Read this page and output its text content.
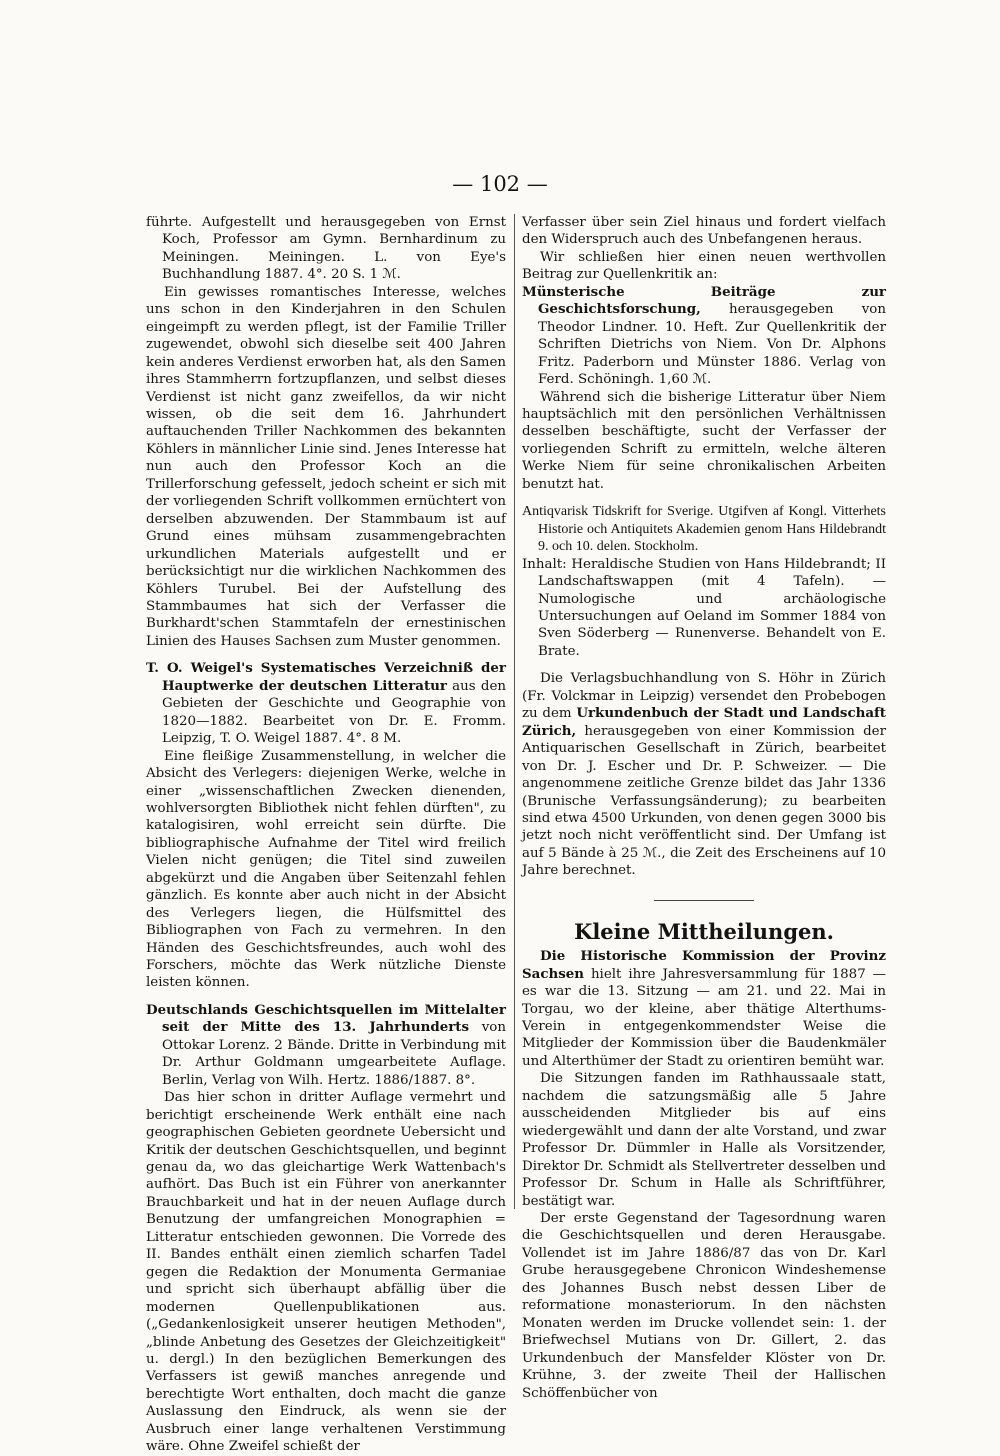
— 102 —

führte. Aufgestellt und herausgegeben von Ernst Koch, Professor am Gymn. Bernhardinum zu Meiningen. Meiningen. L. von Eye's Buchhandlung 1887. 4°. 20 S. 1 ℳ.

Ein gewisses romantisches Interesse, welches uns schon in den Kinderjahren in den Schulen eingeimpft zu werden pflegt, ist der Familie Triller zugewendet, obwohl sich dieselbe seit 400 Jahren kein anderes Verdienst erworben hat, als den Samen ihres Stammherrn fortzupflanzen, und selbst dieses Verdienst ist nicht ganz zweifellos, da wir nicht wissen, ob die seit dem 16. Jahrhundert auftauchenden Triller Nachkommen des bekannten Köhlers in männlicher Linie sind. Jenes Interesse hat nun auch den Professor Koch an die Trillerforschung gefesselt, jedoch scheint er sich mit der vorliegenden Schrift vollkommen ernüchtert von derselben abzuwenden. Der Stammbaum ist auf Grund eines mühsam zusammengebrachten urkundlichen Materials aufgestellt und er berücksichtigt nur die wirklichen Nachkommen des Köhlers Turubel. Bei der Aufstellung des Stammbaumes hat sich der Verfasser die Burkhardt'schen Stammtafeln der ernestinischen Linien des Hauses Sachsen zum Muster genommen.

T. O. Weigel's Systematisches Verzeichniß der Hauptwerke der deutschen Litteratur aus den Gebieten der Geschichte und Geographie von 1820—1882. Bearbeitet von Dr. E. Fromm. Leipzig, T. O. Weigel 1887. 4°. 8 M.

Eine fleißige Zusammenstellung, in welcher die Absicht des Verlegers: diejenigen Werke, welche in einer „wissenschaftlichen Zwecken dienenden, wohlversorgten Bibliothek nicht fehlen dürften", zu katalogisiren, wohl erreicht sein dürfte. Die bibliographische Aufnahme der Titel wird freilich Vielen nicht genügen; die Titel sind zuweilen abgekürzt und die Angaben über Seitenzahl fehlen gänzlich. Es konnte aber auch nicht in der Absicht des Verlegers liegen, die Hülfsmittel des Bibliographen von Fach zu vermehren. In den Händen des Geschichtsfreundes, auch wohl des Forschers, möchte das Werk nützliche Dienste leisten können.

Deutschlands Geschichtsquellen im Mittelalter seit der Mitte des 13. Jahrhunderts von Ottokar Lorenz. 2 Bände. Dritte in Verbindung mit Dr. Arthur Goldmann umgearbeitete Auflage. Berlin, Verlag von Wilh. Hertz. 1886/1887. 8°.

Das hier schon in dritter Auflage vermehrt und berichtigt erscheinende Werk enthält eine nach geographischen Gebieten geordnete Uebersicht und Kritik der deutschen Geschichtsquellen, und beginnt genau da, wo das gleichartige Werk Wattenbach's aufhört. Das Buch ist ein Führer von anerkannter Brauchbarkeit und hat in der neuen Auflage durch Benutzung der umfangreichen Monographien = Litteratur entschieden gewonnen. Die Vorrede des II. Bandes enthält einen ziemlich scharfen Tadel gegen die Redaktion der Monumenta Germaniae und spricht sich überhaupt abfällig über die modernen Quellenpublikationen aus. („Gedankenlosigkeit unserer heutigen Methoden", „blinde Anbetung des Gesetzes der Gleichzeitigkeit" u. dergl.) In den bezüglichen Bemerkungen des Verfassers ist gewiß manches anregende und berechtigte Wort enthalten, doch macht die ganze Auslassung den Eindruck, als wenn sie der Ausbruch einer lange verhaltenen Verstimmung wäre. Ohne Zweifel schießt der

Verfasser über sein Ziel hinaus und fordert vielfach den Widerspruch auch des Unbefangenen heraus.

Wir schließen hier einen neuen werthvollen Beitrag zur Quellenkritik an:

Münsterische Beiträge zur Geschichtsforschung, herausgegeben von Theodor Lindner. 10. Heft. Zur Quellenkritik der Schriften Dietrichs von Niem. Von Dr. Alphons Fritz. Paderborn und Münster 1886. Verlag von Ferd. Schöningh. 1,60 ℳ.

Während sich die bisherige Litteratur über Niem hauptsächlich mit den persönlichen Verhältnissen desselben beschäftigte, sucht der Verfasser der vorliegenden Schrift zu ermitteln, welche älteren Werke Niem für seine chronikalischen Arbeiten benutzt hat.

Antiqvarisk Tidskrift for Sverige. Utgifven af Kongl. Vitterhets Historie och Antiquitets Akademien genom Hans Hildebrandt 9. och 10. delen. Stockholm.

Inhalt: Heraldische Studien von Hans Hildebrandt; II Landschaftswappen (mit 4 Tafeln). — Numologische und archäologische Untersuchungen auf Oeland im Sommer 1884 von Sven Söderberg — Runenverse. Behandelt von E. Brate.

Die Verlagsbuchhandlung von S. Höhr in Zürich (Fr. Volckmar in Leipzig) versendet den Probebogen zu dem Urkundenbuch der Stadt und Landschaft Zürich, herausgegeben von einer Kommission der Antiquarischen Gesellschaft in Zürich, bearbeitet von Dr. J. Escher und Dr. P. Schweizer. — Die angenommene zeitliche Grenze bildet das Jahr 1336 (Brunische Verfassungsänderung); zu bearbeiten sind etwa 4500 Urkunden, von denen gegen 3000 bis jetzt noch nicht veröffentlicht sind. Der Umfang ist auf 5 Bände à 25 ℳ., die Zeit des Erscheinens auf 10 Jahre berechnet.

Kleine Mittheilungen.

Die Historische Kommission der Provinz Sachsen hielt ihre Jahresversammlung für 1887 — es war die 13. Sitzung — am 21. und 22. Mai in Torgau, wo der kleine, aber thätige Alterthums-Verein in entgegenkommendster Weise die Mitglieder der Kommission über die Baudenkmäler und Alterthümer der Stadt zu orientiren bemüht war.

Die Sitzungen fanden im Rathhaussaale statt, nachdem die satzungsmäßig alle 5 Jahre ausscheidenden Mitglieder bis auf eins wiedergewählt und dann der alte Vorstand, und zwar Professor Dr. Dümmler in Halle als Vorsitzender, Direktor Dr. Schmidt als Stellvertreter desselben und Professor Dr. Schum in Halle als Schriftführer, bestätigt war.

Der erste Gegenstand der Tagesordnung waren die Geschichtsquellen und deren Herausgabe. Vollendet ist im Jahre 1886/87 das von Dr. Karl Grube herausgegebene Chronicon Windeshemense des Johannes Busch nebst dessen Liber de reformatione monasteriorum. In den nächsten Monaten werden im Drucke vollendet sein: 1. der Briefwechsel Mutians von Dr. Gillert, 2. das Urkundenbuch der Mansfelder Klöster von Dr. Krühne, 3. der zweite Theil der Hallischen Schöffenbücher von
